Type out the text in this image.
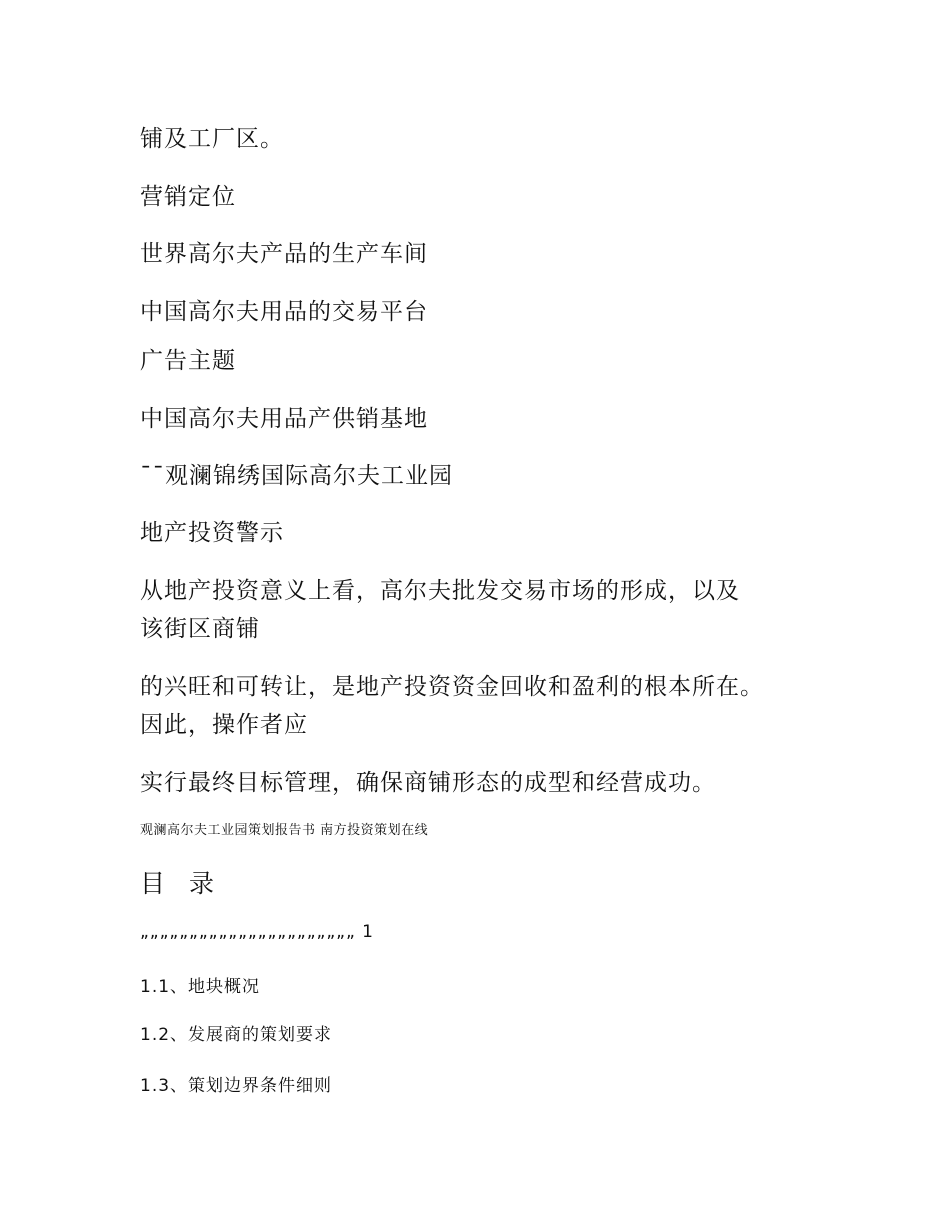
铺及工厂区。

营销定位

世界高尔夫产品的生产车间

中国高尔夫用品的交易平台

广告主题

中国高尔夫用品产供销基地

¯¯观澜锦绣国际高尔夫工业园

地产投资警示

从地产投资意义上看，高尔夫批发交易市场的形成，以及

该街区商铺

的兴旺和可转让，是地产投资资金回收和盈利的根本所在。

因此，操作者应

实行最终目标管理，确保商铺形态的成型和经营成功。

观澜高尔夫工业园策划报告书 南方投资策划在线

目 录

„„„„„„„„„„„„„„„„„„„„„„ 1

1.1、地块概况

1.2、发展商的策划要求

1.3、策划边界条件细则
